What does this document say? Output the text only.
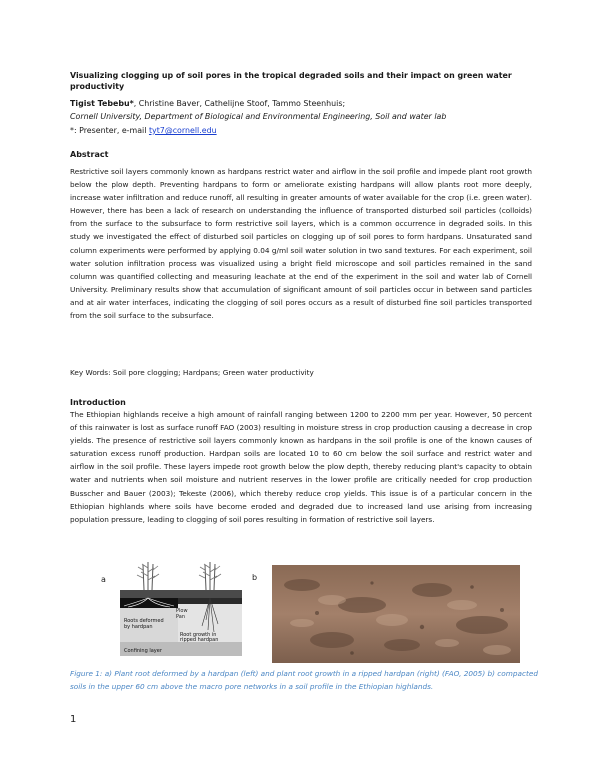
Visualizing clogging up of soil pores in the tropical degraded soils and their impact on green water productivity

Tigist Tebebu*, Christine Baver, Cathelijne Stoof, Tammo Steenhuis;

Cornell University, Department of Biological and Environmental Engineering, Soil and water lab

*: Presenter, e-mail tyt7@cornell.edu

Abstract

Restrictive soil layers commonly known as hardpans restrict water and airflow in the soil profile and impede plant root growth below the plow depth. Preventing hardpans to form or ameliorate existing hardpans will allow plants root more deeply, increase water infiltration and reduce runoff, all resulting in greater amounts of water available for the crop (i.e. green water). However, there has been a lack of research on understanding the influence of transported disturbed soil particles (colloids) from the surface to the subsurface to form restrictive soil layers, which is a common occurrence in degraded soils. In this study we investigated the effect of disturbed soil particles on clogging up of soil pores to form hardpans. Unsaturated sand column experiments were performed by applying 0.04 g/ml soil water solution in two sand textures. For each experiment, soil water solution infiltration process was visualized using a bright field microscope and soil particles remained in the sand column was quantified collecting and measuring leachate at the end of the experiment in the soil and water lab of Cornell University. Preliminary results show that accumulation of significant amount of soil particles occur in between sand particles and at air water interfaces, indicating the clogging of soil pores occurs as a result of disturbed fine soil particles transported from the soil surface to the subsurface.

Key Words: Soil pore clogging; Hardpans; Green water productivity

Introduction

The Ethiopian highlands receive a high amount of rainfall ranging between 1200 to 2200 mm per year. However, 50 percent of this rainwater is lost as surface runoff FAO (2003) resulting in moisture stress in crop production causing a decrease in crop yields. The presence of restrictive soil layers commonly known as hardpans in the soil profile is one of the known causes of saturation excess runoff production. Hardpan soils are located 10 to 60 cm below the soil surface and restrict water and airflow in the soil profile. These layers impede root growth below the plow depth, thereby reducing plant's capacity to obtain water and nutrients when soil moisture and nutrient reserves in the lower profile are critically needed for crop production Busscher and Bauer (2003); Tekeste (2006), which thereby reduce crop yields. This issue is of a particular concern in the Ethiopian highlands where soils have become eroded and degraded due to increased land use arising from increasing population pressure, leading to clogging of soil pores resulting in formation of restrictive soil layers.

a	b

Plow
Pan
Roots deformed
by hardpan
Root growth in
ripped hardpan
Confining layer

Figure 1: a) Plant root deformed by a hardpan (left) and plant root growth in a ripped hardpan (right) (FAO, 2005) b) compacted soils in the upper 60 cm above the macro pore networks in a soil profile in the Ethiopian highlands.

1
